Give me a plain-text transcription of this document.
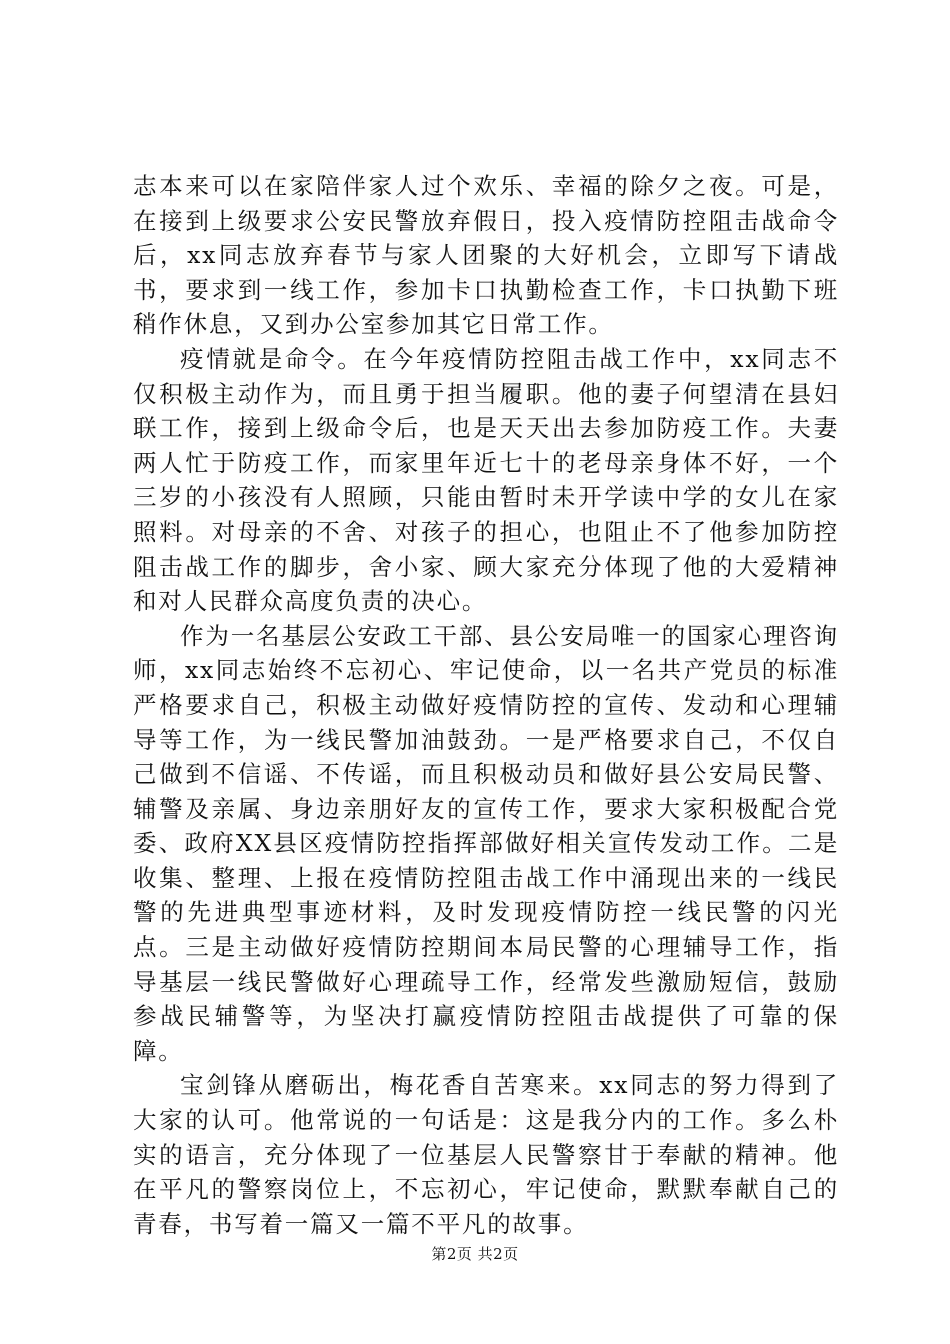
志本来可以在家陪伴家人过个欢乐、幸福的除夕之夜。可是，在接到上级要求公安民警放弃假日，投入疫情防控阻击战命令后，xx同志放弃春节与家人团聚的大好机会，立即写下请战书，要求到一线工作，参加卡口执勤检查工作，卡口执勤下班稍作休息，又到办公室参加其它日常工作。

疫情就是命令。在今年疫情防控阻击战工作中，xx同志不仅积极主动作为，而且勇于担当履职。他的妻子何望清在县妇联工作，接到上级命令后，也是天天出去参加防疫工作。夫妻两人忙于防疫工作，而家里年近七十的老母亲身体不好，一个三岁的小孩没有人照顾，只能由暂时未开学读中学的女儿在家照料。对母亲的不舍、对孩子的担心，也阻止不了他参加防控阻击战工作的脚步，舍小家、顾大家充分体现了他的大爱精神和对人民群众高度负责的决心。

作为一名基层公安政工干部、县公安局唯一的国家心理咨询师，xx同志始终不忘初心、牢记使命，以一名共产党员的标准严格要求自己，积极主动做好疫情防控的宣传、发动和心理辅导等工作，为一线民警加油鼓劲。一是严格要求自己，不仅自己做到不信谣、不传谣，而且积极动员和做好县公安局民警、辅警及亲属、身边亲朋好友的宣传工作，要求大家积极配合党委、政府XX县区疫情防控指挥部做好相关宣传发动工作。二是收集、整理、上报在疫情防控阻击战工作中涌现出来的一线民警的先进典型事迹材料，及时发现疫情防控一线民警的闪光点。三是主动做好疫情防控期间本局民警的心理辅导工作，指导基层一线民警做好心理疏导工作，经常发些激励短信，鼓励参战民辅警等，为坚决打赢疫情防控阻击战提供了可靠的保障。

宝剑锋从磨砺出，梅花香自苦寒来。xx同志的努力得到了大家的认可。他常说的一句话是：这是我分内的工作。多么朴实的语言，充分体现了一位基层人民警察甘于奉献的精神。他在平凡的警察岗位上，不忘初心，牢记使命，默默奉献自己的青春，书写着一篇又一篇不平凡的故事。

第2页 共2页
